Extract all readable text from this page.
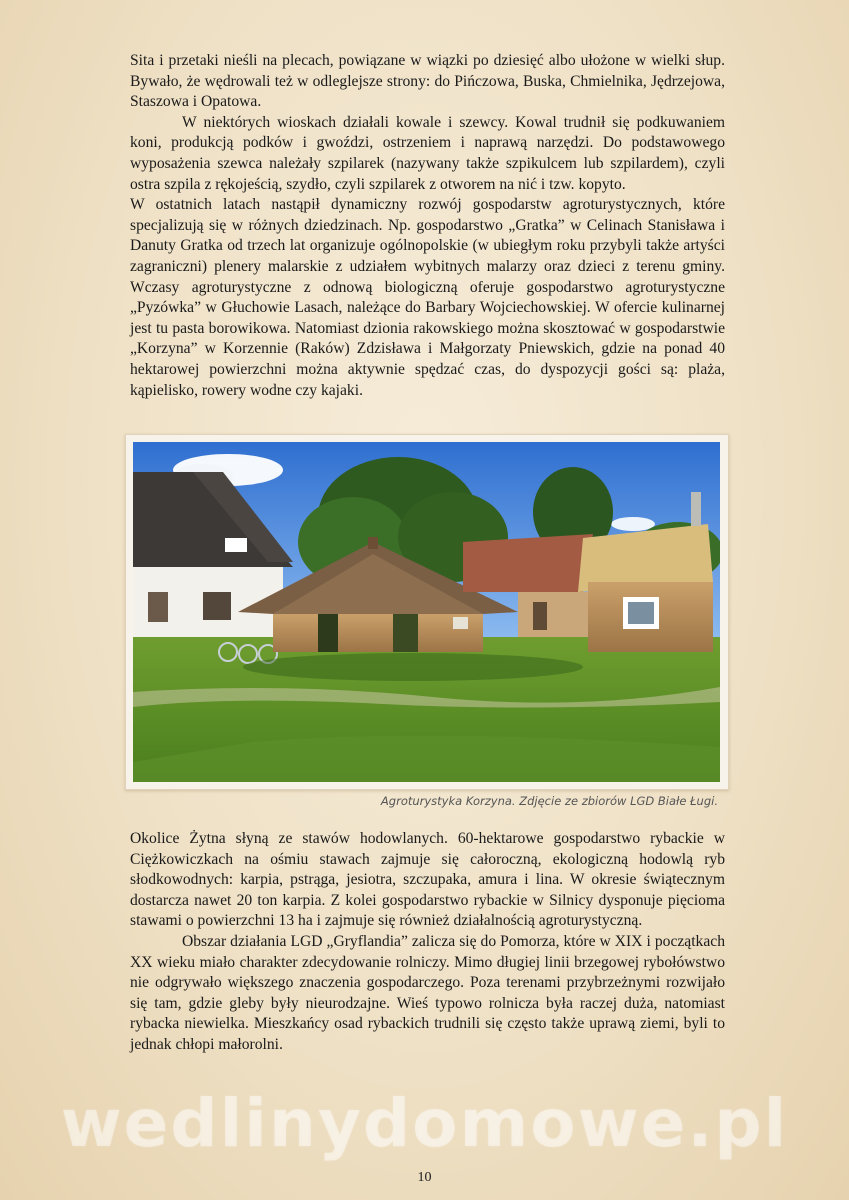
Sita i przetaki nieśli na plecach, powiązane w wiązki po dziesięć albo ułożone w wielki słup. Bywało, że wędrowali też w odleglejsze strony: do Pińczowa, Buska, Chmielnika, Jędrzejowa, Staszowa i Opatowa.

W niektórych wioskach działali kowale i szewcy. Kowal trudnił się podkuwaniem koni, produkcją podków i gwoździ, ostrzeniem i naprawą narzędzi. Do podstawowego wyposażenia szewca należały szpilarek (nazywany także szpikulcem lub szpilardem), czyli ostra szpila z rękojeścią, szydło, czyli szpilarek z otworem na nić i tzw. kopyto.

W ostatnich latach nastąpił dynamiczny rozwój gospodarstw agroturystycznych, które specjalizują się w różnych dziedzinach. Np. gospodarstwo „Gratka” w Celinach Stanisława i Danuty Gratka od trzech lat organizuje ogólnopolskie (w ubiegłym roku przybyli także artyści zagraniczni) plenery malarskie z udziałem wybitnych malarzy oraz dzieci z terenu gminy. Wczasy agroturystyczne z odnową biologiczną oferuje gospodarstwo agroturystyczne „Pyzówka” w Głuchowie Lasach, należące do Barbary Wojciechowskiej. W ofercie kulinarnej jest tu pasta borowikowa. Natomiast dzionia rakowskiego można skosztować w gospodarstwie „Korzyna” w Korzennie (Raków) Zdzisława i Małgorzaty Pniewskich, gdzie na ponad 40 hektarowej powierzchni można aktywnie spędzać czas, do dyspozycji gości są: plaża, kąpielisko, rowery wodne czy kajaki.

Agroturystyka Korzyna. Zdjęcie ze zbiorów LGD Białe Ługi.

Okolice Żytna słyną ze stawów hodowlanych. 60-hektarowe gospodarstwo rybackie w Ciężkowiczkach na ośmiu stawach zajmuje się całoroczną, ekologiczną hodowlą ryb słodkowodnych: karpia, pstrąga, jesiotra, szczupaka, amura i lina. W okresie świątecznym dostarcza nawet 20 ton karpia. Z kolei gospodarstwo rybackie w Silnicy dysponuje pięcioma stawami o powierzchni 13 ha i zajmuje się również działalnością agroturystyczną.

Obszar działania LGD „Gryflandia” zalicza się do Pomorza, które w XIX i początkach XX wieku miało charakter zdecydowanie rolniczy. Mimo długiej linii brzegowej rybołówstwo nie odgrywało większego znaczenia gospodarczego. Poza terenami przybrzeżnymi rozwijało się tam, gdzie gleby były nieurodzajne. Wieś typowo rolnicza była raczej duża, natomiast rybacka niewielka. Mieszkańcy osad rybackich trudnili się często także uprawą ziemi, byli to jednak chłopi małorolni.

wedlinydomowe.pl
10
